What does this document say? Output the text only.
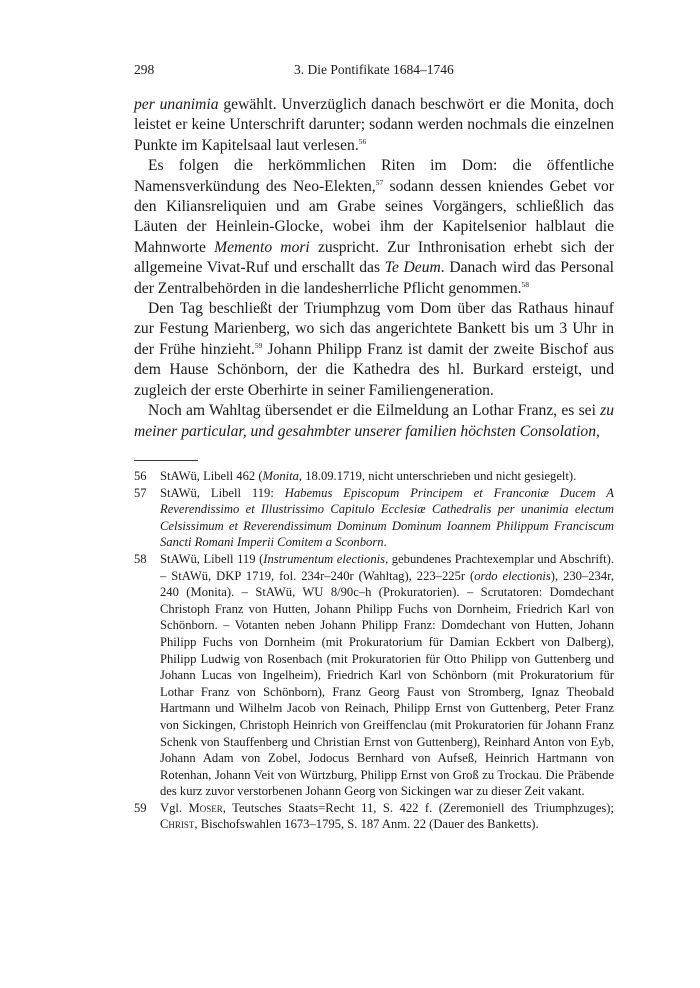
298	3. Die Pontifikate 1684–1746

per unanimia gewählt. Unverzüglich danach beschwört er die Monita, doch leistet er keine Unterschrift darunter; sodann werden nochmals die einzelnen Punkte im Kapitelsaal laut verlesen.$^{56}$

Es folgen die herkömmlichen Riten im Dom: die öffentliche Namensverkündung des Neo-Elekten,$^{57}$ sodann dessen kniendes Gebet vor den Kiliansreliquien und am Grabe seines Vorgängers, schließlich das Läuten der Heinlein-Glocke, wobei ihm der Kapitelsenior halblaut die Mahnworte Memento mori zuspricht. Zur Inthronisation erhebt sich der allgemeine Vivat-Ruf und erschallt das Te Deum. Danach wird das Personal der Zentralbehörden in die landesherrliche Pflicht genommen.$^{58}$

Den Tag beschließt der Triumphzug vom Dom über das Rathaus hinauf zur Festung Marienberg, wo sich das angerichtete Bankett bis um 3 Uhr in der Frühe hinzieht.$^{59}$ Johann Philipp Franz ist damit der zweite Bischof aus dem Hause Schönborn, der die Kathedra des hl. Burkard ersteigt, und zugleich der erste Oberhirte in seiner Familiengeneration.

Noch am Wahltag übersendet er die Eilmeldung an Lothar Franz, es sei zu meiner particular, und gesahmbter unserer familien höchsten Consolation,

56 StAWü, Libell 462 (Monita, 18.09.1719, nicht unterschrieben und nicht gesiegelt).

57 StAWü, Libell 119: Habemus Episcopum Principem et Franconiæ Ducem A Reverendissimo et Illustrissimo Capitulo Ecclesiæ Cathedralis per unanimia electum Celsissimum et Reverendissimum Dominum Dominum Ioannem Philippum Franciscum Sancti Romani Imperii Comitem a Sconborn.

58 StAWü, Libell 119 (Instrumentum electionis, gebundenes Prachtexemplar und Abschrift). – StAWü, DKP 1719, fol. 234r–240r (Wahltag), 223–225r (ordo electionis), 230–234r, 240 (Monita). – StAWü, WU 8/90c–h (Prokuratorien). – Scrutatoren: Domdechant Christoph Franz von Hutten, Johann Philipp Fuchs von Dornheim, Friedrich Karl von Schönborn. – Votanten neben Johann Philipp Franz: Domdechant von Hutten, Johann Philipp Fuchs von Dornheim (mit Prokuratorium für Damian Eckbert von Dalberg), Philipp Ludwig von Rosenbach (mit Prokuratorien für Otto Philipp von Guttenberg und Johann Lucas von Ingelheim), Friedrich Karl von Schönborn (mit Prokuratorium für Lothar Franz von Schönborn), Franz Georg Faust von Stromberg, Ignaz Theobald Hartmann und Wilhelm Jacob von Reinach, Philipp Ernst von Guttenberg, Peter Franz von Sickingen, Christoph Heinrich von Greiffenclau (mit Prokuratorien für Johann Franz Schenk von Stauffenberg und Christian Ernst von Guttenberg), Reinhard Anton von Eyb, Johann Adam von Zobel, Jodocus Bernhard von Aufseß, Heinrich Hartmann von Rotenhan, Johann Veit von Würtzburg, Philipp Ernst von Groß zu Trockau. Die Präbende des kurz zuvor verstorbenen Johann Georg von Sickingen war zu dieser Zeit vakant.

59 Vgl. Moser, Teutsches Staats=Recht 11, S. 422 f. (Zeremoniell des Triumphzuges); Christ, Bischofswahlen 1673–1795, S. 187 Anm. 22 (Dauer des Banketts).
